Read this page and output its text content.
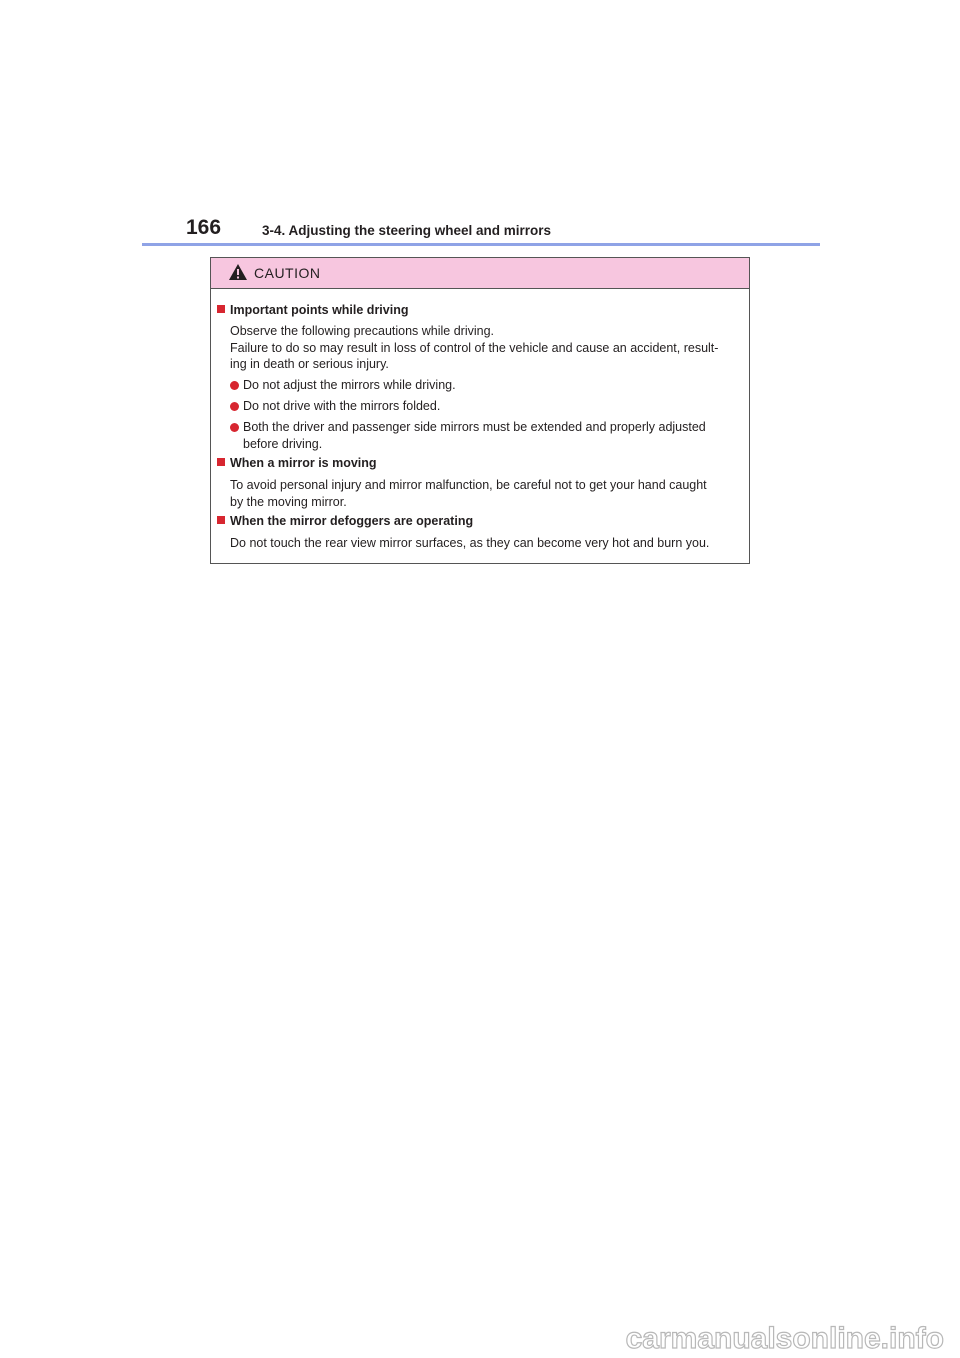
166	3-4. Adjusting the steering wheel and mirrors
CAUTION
Important points while driving
Observe the following precautions while driving.
Failure to do so may result in loss of control of the vehicle and cause an accident, result-
ing in death or serious injury.
Do not adjust the mirrors while driving.
Do not drive with the mirrors folded.
Both the driver and passenger side mirrors must be extended and properly adjusted
before driving.
When a mirror is moving
To avoid personal injury and mirror malfunction, be careful not to get your hand caught
by the moving mirror.
When the mirror defoggers are operating
Do not touch the rear view mirror surfaces, as they can become very hot and burn you.
carmanualsonline.info
